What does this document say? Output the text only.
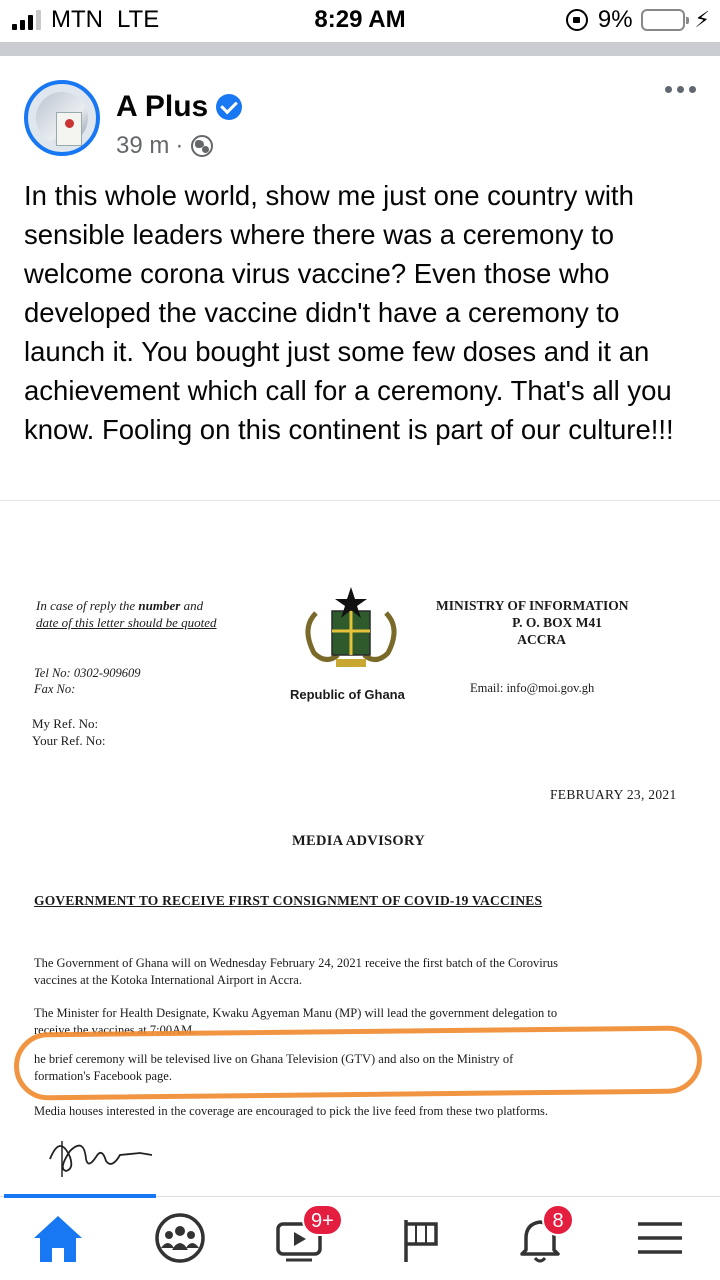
MTN LTE	8:29 AM	9%	⚡︎
A Plus
39 m ·
In this whole world, show me just one country with sensible leaders where there was a ceremony to welcome corona virus vaccine? Even those who developed the vaccine didn't have a ceremony to launch it. You bought just some few doses and it an achievement which call for a ceremony. That's all you know. Fooling on this continent is part of our culture!!!
In case of reply the number and
date of this letter should be quoted
Tel No: 0302-909609
Fax No:
My Ref. No:
Your Ref. No:
Republic of Ghana
MINISTRY OF INFORMATION
P. O. BOX M41
ACCRA
Email: info@moi.gov.gh
FEBRUARY 23, 2021
MEDIA ADVISORY
GOVERNMENT TO RECEIVE FIRST CONSIGNMENT OF COVID-19 VACCINES
The Government of Ghana will on Wednesday February 24, 2021 receive the first batch of the Corovirus
vaccines at the Kotoka International Airport in Accra.
The Minister for Health Designate, Kwaku Agyeman Manu (MP) will lead the government delegation to
receive the vaccines at 7:00AM.
he brief ceremony will be televised live on Ghana Television (GTV) and also on the Ministry of
formation's Facebook page.
Media houses interested in the coverage are encouraged to pick the live feed from these two platforms.
9+	8
